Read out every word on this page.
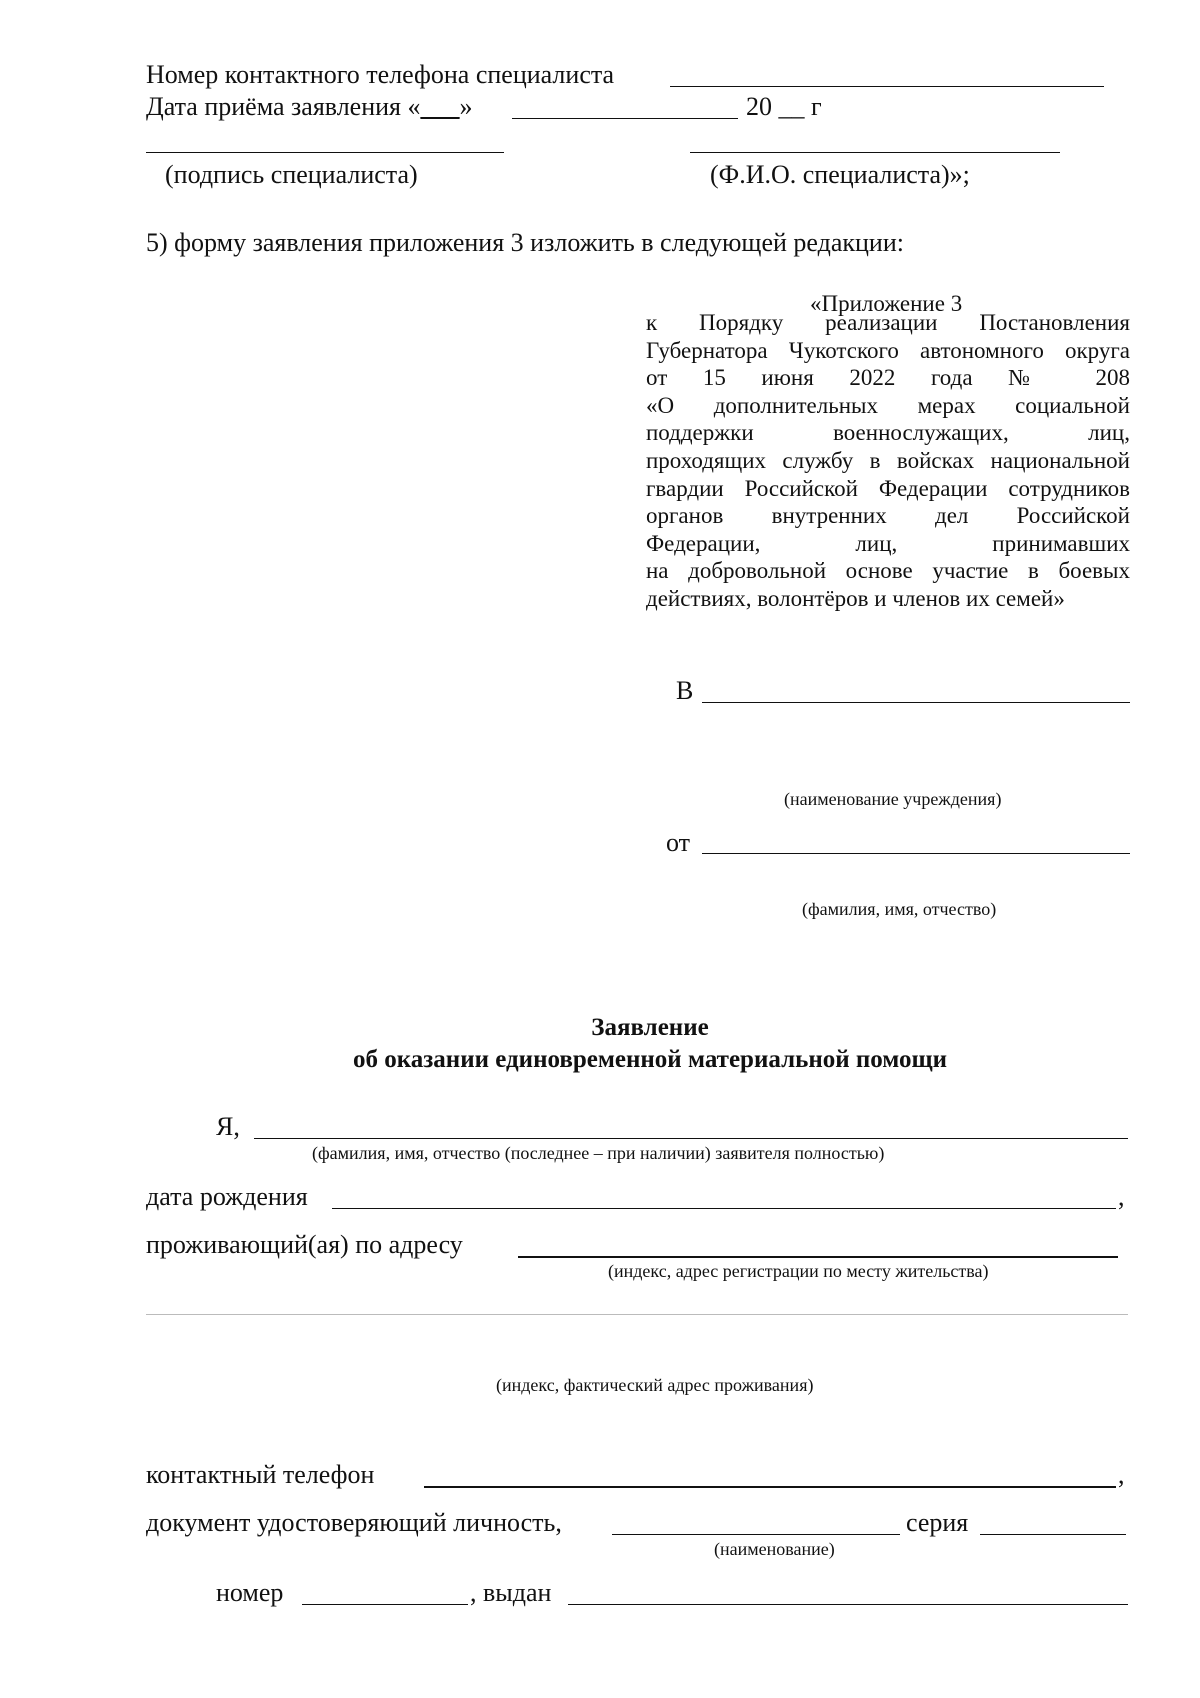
Номер контактного телефона специалиста
Дата приёма заявления «___»	20 __ г
(подпись специалиста)	(Ф.И.О. специалиста)»;
5) форму заявления приложения 3 изложить в следующей редакции:
«Приложение 3
к Порядку реализации Постановления
Губернатора Чукотского автономного округа
от 15 июня 2022 года № 208
«О дополнительных мерах социальной
поддержки военнослужащих, лиц,
проходящих службу в войсках национальной
гвардии Российской Федерации сотрудников
органов внутренних дел Российской
Федерации, лиц, принимавших
на добровольной основе участие в боевых
действиях, волонтёров и членов их семей»
В
(наименование учреждения)
от
(фамилия, имя, отчество)
Заявление
об оказании единовременной материальной помощи
Я,
(фамилия, имя, отчество (последнее – при наличии) заявителя полностью)
дата рождения	,
проживающий(ая) по адресу
(индекс, адрес регистрации по месту жительства)
(индекс, фактический адрес проживания)
контактный телефон	,
документ удостоверяющий личность,	серия
(наименование)
номер	, выдан
